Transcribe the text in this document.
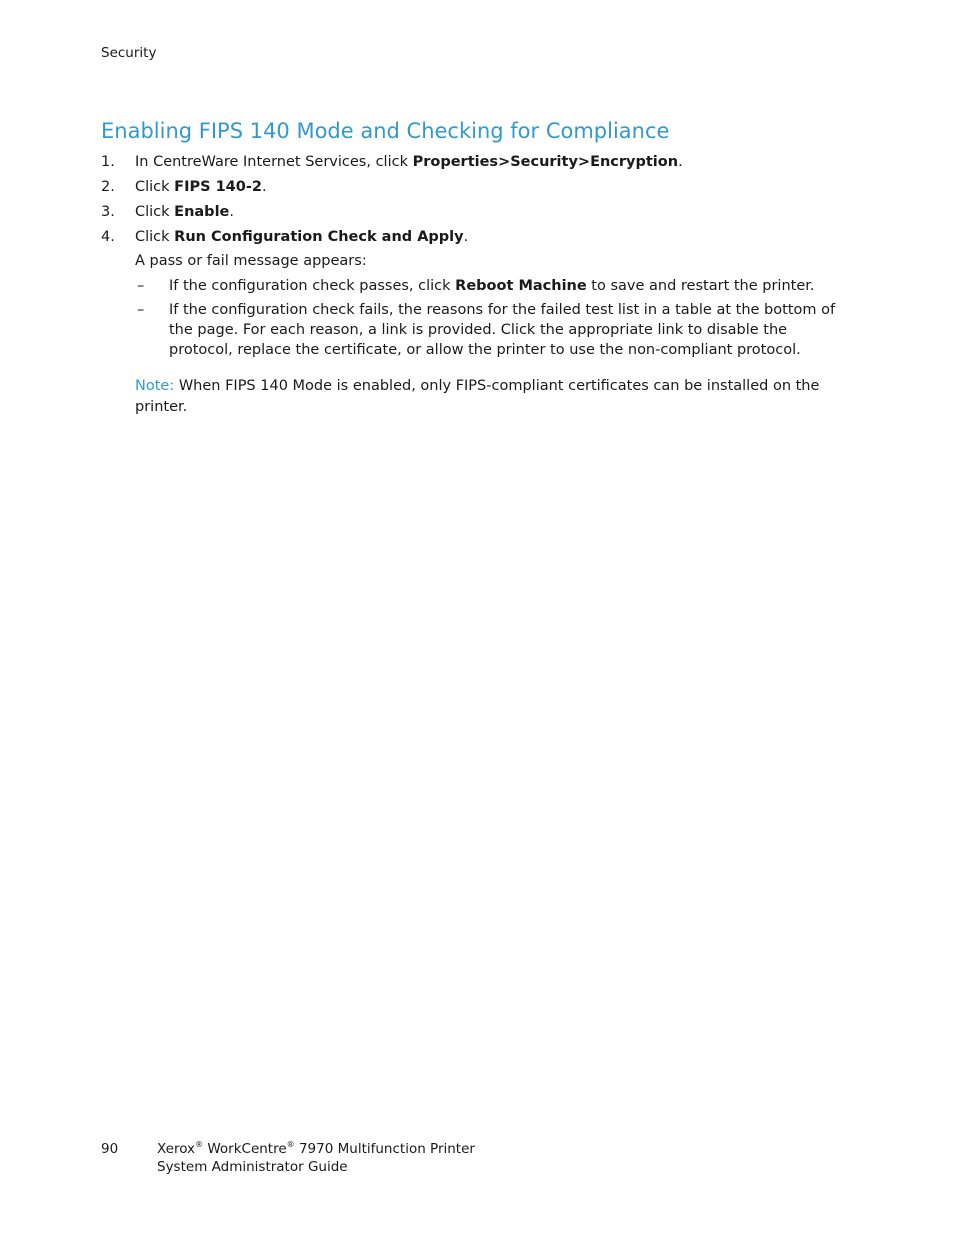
Security
Enabling FIPS 140 Mode and Checking for Compliance
1. In CentreWare Internet Services, click Properties>Security>Encryption.
2. Click FIPS 140-2.
3. Click Enable.
4. Click Run Configuration Check and Apply.
A pass or fail message appears:
– If the configuration check passes, click Reboot Machine to save and restart the printer.
– If the configuration check fails, the reasons for the failed test list in a table at the bottom of the page. For each reason, a link is provided. Click the appropriate link to disable the protocol, replace the certificate, or allow the printer to use the non-compliant protocol.
Note: When FIPS 140 Mode is enabled, only FIPS-compliant certificates can be installed on the printer.
90	Xerox® WorkCentre® 7970 Multifunction Printer
System Administrator Guide
